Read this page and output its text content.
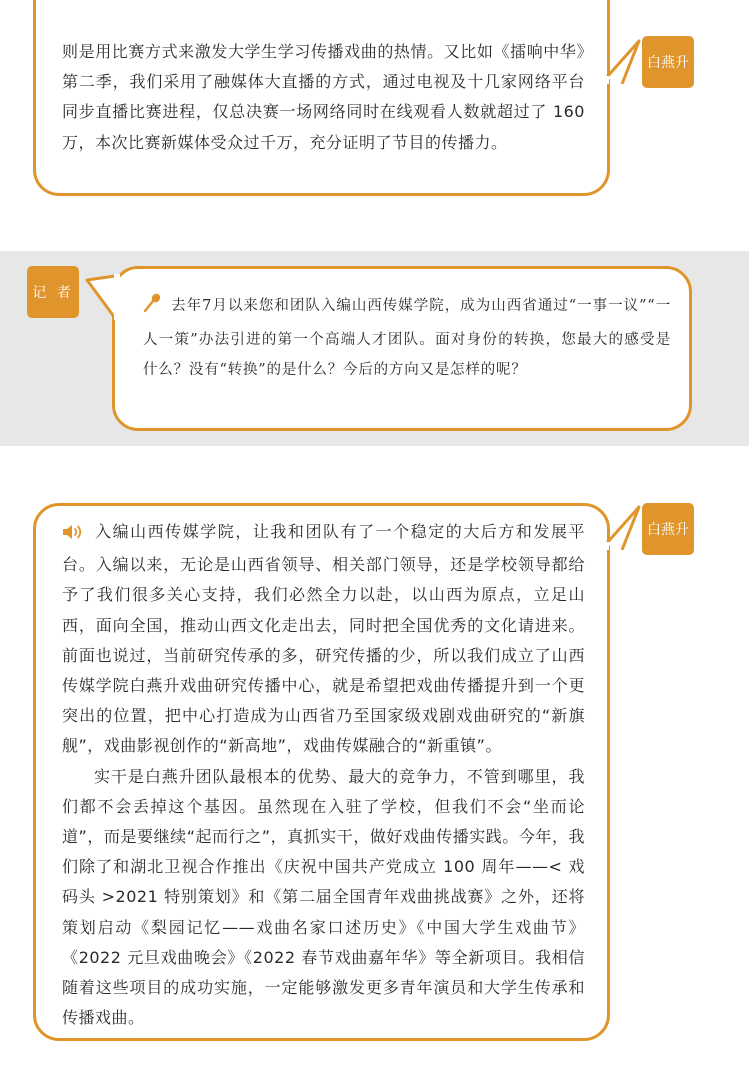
白燕升

则是用比赛方式来激发大学生学习传播戏曲的热情。又比如《擂响中华》第二季，我们采用了融媒体大直播的方式，通过电视及十几家网络平台同步直播比赛进程，仅总决赛一场网络同时在线观看人数就超过了 160 万，本次比赛新媒体受众过千万，充分证明了节目的传播力。

记 者

去年7月以来您和团队入编山西传媒学院，成为山西省通过“一事一议”“一人一策”办法引进的第一个高端人才团队。面对身份的转换，您最大的感受是什么？没有“转换”的是什么？今后的方向又是怎样的呢？

白燕升

入编山西传媒学院，让我和团队有了一个稳定的大后方和发展平台。入编以来，无论是山西省领导、相关部门领导，还是学校领导都给予了我们很多关心支持，我们必然全力以赴，以山西为原点，立足山西，面向全国，推动山西文化走出去，同时把全国优秀的文化请进来。前面也说过，当前研究传承的多，研究传播的少，所以我们成立了山西传媒学院白燕升戏曲研究传播中心，就是希望把戏曲传播提升到一个更突出的位置，把中心打造成为山西省乃至国家级戏剧戏曲研究的“新旗舰”，戏曲影视创作的“新高地”，戏曲传媒融合的“新重镇”。

实干是白燕升团队最根本的优势、最大的竞争力，不管到哪里，我们都不会丢掉这个基因。虽然现在入驻了学校，但我们不会“坐而论道”，而是要继续“起而行之”，真抓实干，做好戏曲传播实践。今年，我们除了和湖北卫视合作推出《庆祝中国共产党成立 100 周年——< 戏码头 >2021 特别策划》和《第二届全国青年戏曲挑战赛》之外，还将策划启动《梨园记忆——戏曲名家口述历史》《中国大学生戏曲节》《2022 元旦戏曲晚会》《2022 春节戏曲嘉年华》等全新项目。我相信随着这些项目的成功实施，一定能够激发更多青年演员和大学生传承和传播戏曲。
